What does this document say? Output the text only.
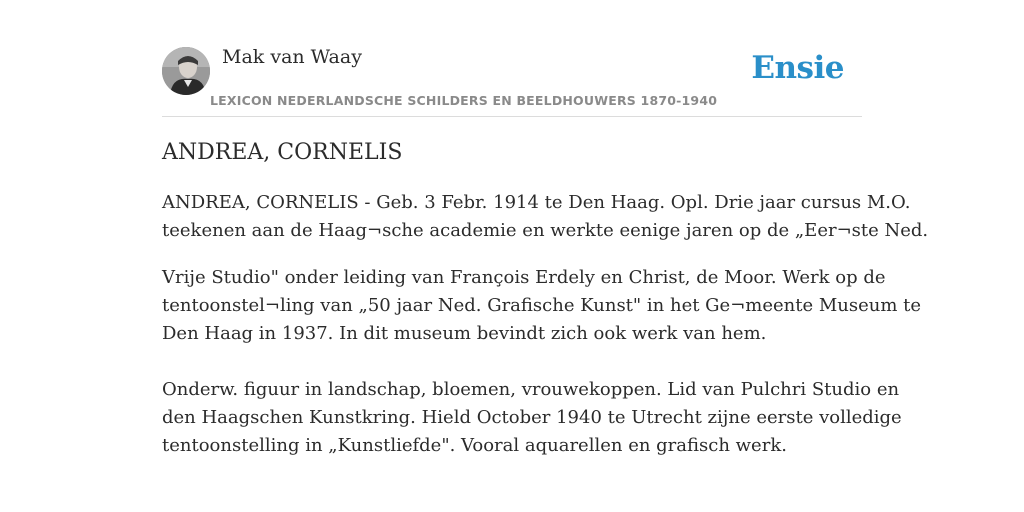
Mak van Waay
LEXICON NEDERLANDSCHE SCHILDERS EN BEELDHOUWERS 1870-1940
Ensie
ANDREA, CORNELIS

ANDREA, CORNELIS - Geb. 3 Febr. 1914 te Den Haag. Opl. Drie jaar cursus M.O.
teekenen aan de Haag¬sche academie en werkte eenige jaren op de „Eer¬ste Ned.

Vrije Studio" onder leiding van François Erdely en Christ, de Moor. Werk op de
tentoonstel¬ling van „50 jaar Ned. Grafische Kunst" in het Ge¬meente Museum te
Den Haag in 1937. In dit museum bevindt zich ook werk van hem.
Onderw. figuur in landschap, bloemen, vrouwekoppen. Lid van Pulchri Studio en
den Haagschen Kunstkring. Hield October 1940 te Utrecht zijne eerste volledige
tentoonstelling in „Kunstliefde". Vooral aquarellen en grafisch werk.
